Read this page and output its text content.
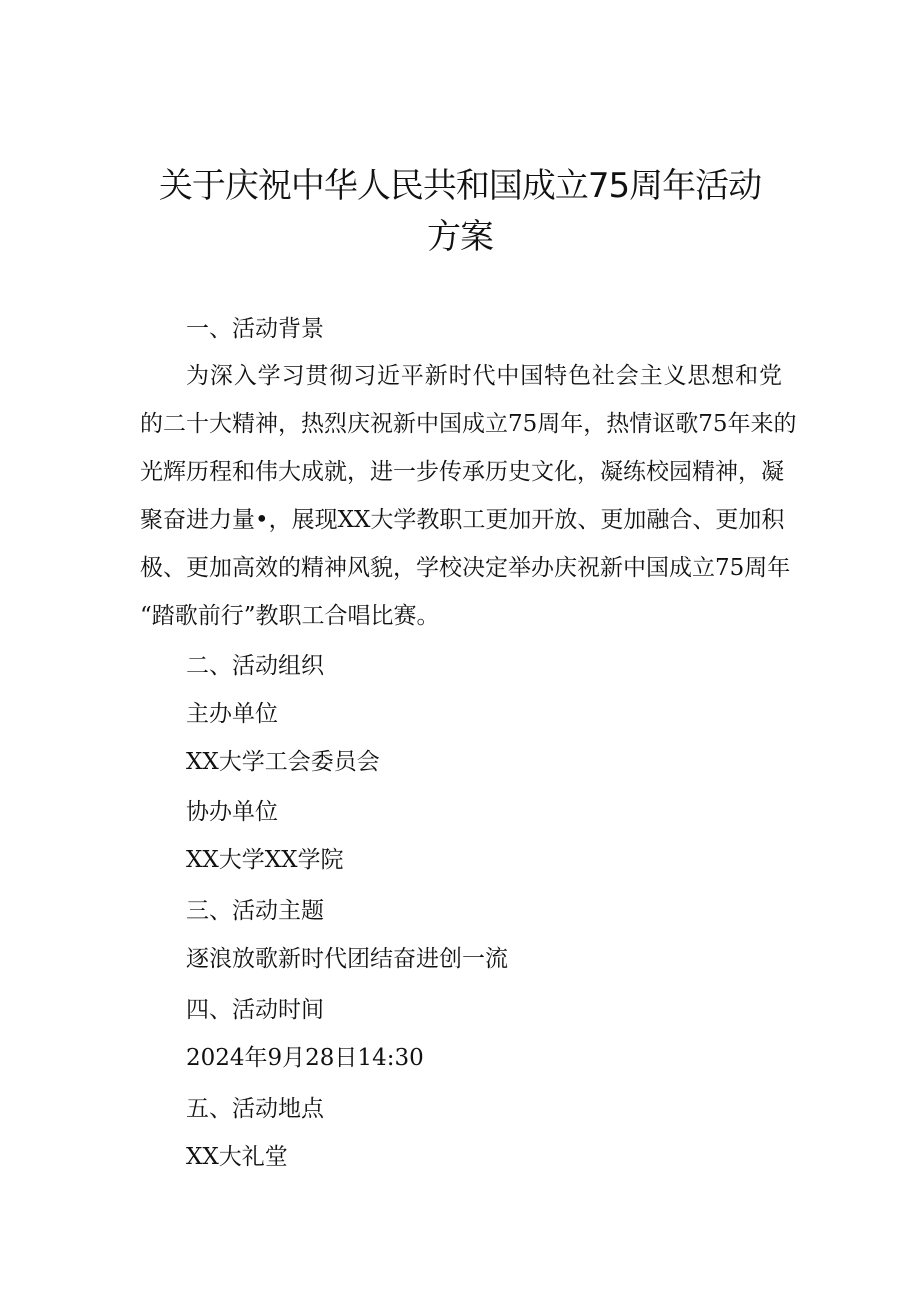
关于庆祝中华人民共和国成立75周年活动
方案
一、活动背景
为深入学习贯彻习近平新时代中国特色社会主义思想和党
的二十大精神，热烈庆祝新中国成立75周年，热情讴歌75年来的
光辉历程和伟大成就，进一步传承历史文化，凝练校园精神，凝
聚奋进力量•，展现XX大学教职工更加开放、更加融合、更加积
极、更加高效的精神风貌，学校决定举办庆祝新中国成立75周年
“踏歌前行”教职工合唱比赛。
二、活动组织
主办单位
XX大学工会委员会
协办单位
XX大学XX学院
三、活动主题
逐浪放歌新时代团结奋进创一流
四、活动时间
2024年9月28日14:30
五、活动地点
XX大礼堂
